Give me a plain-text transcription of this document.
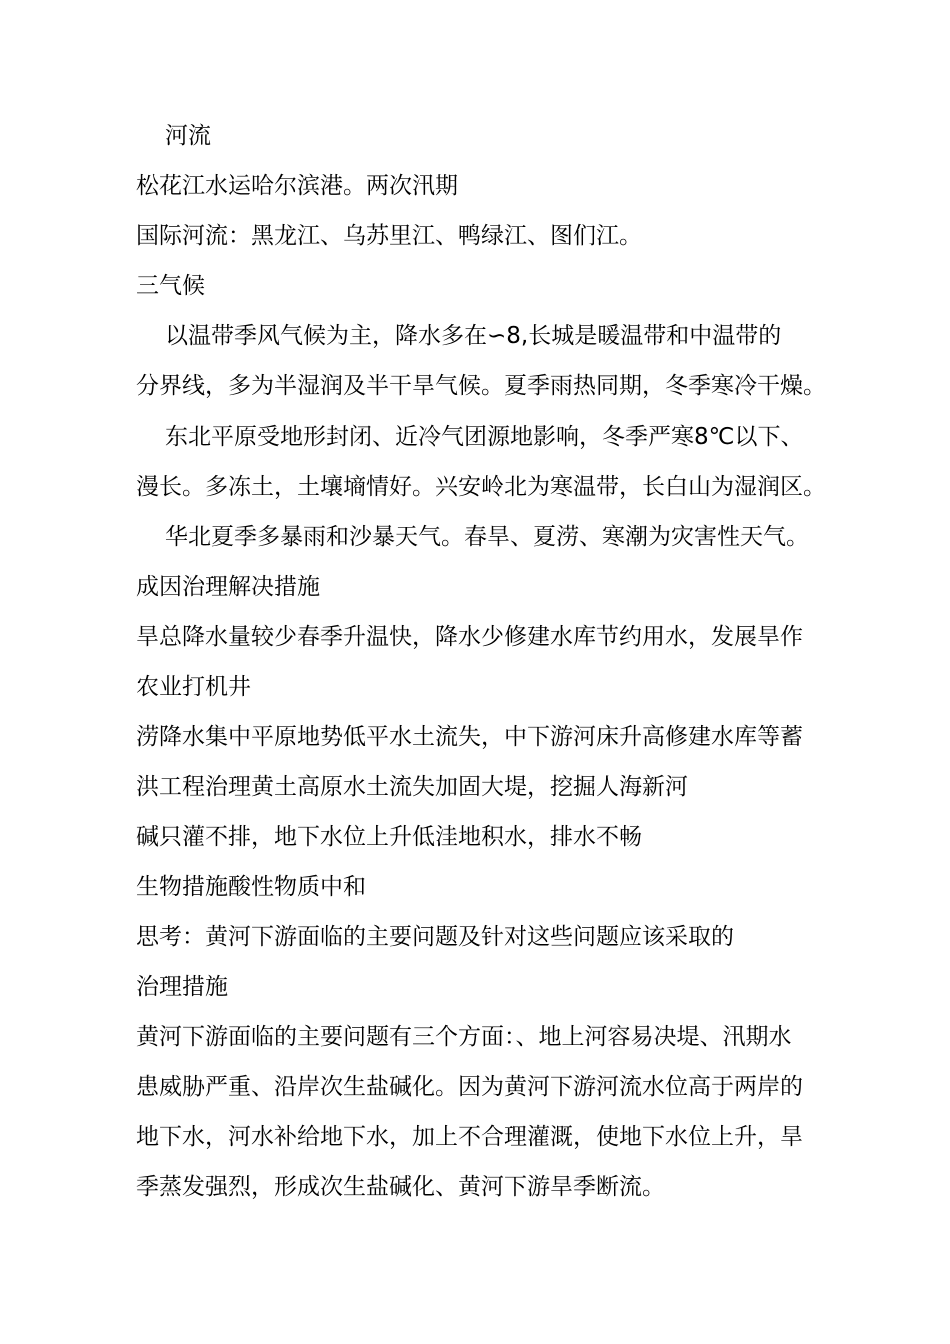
河流
松花江水运哈尔滨港。两次汛期
国际河流：黑龙江、乌苏里江、鸭绿江、图们江。
三气候
以温带季风气候为主，降水多在∽8,长城是暖温带和中温带的
分界线，多为半湿润及半干旱气候。夏季雨热同期，冬季寒冷干燥。
东北平原受地形封闭、近冷气团源地影响，冬季严寒8℃以下、
漫长。多冻土，土壤墒情好。兴安岭北为寒温带，长白山为湿润区。
华北夏季多暴雨和沙暴天气。春旱、夏涝、寒潮为灾害性天气。
成因治理解决措施
旱总降水量较少春季升温快，降水少修建水库节约用水，发展旱作
农业打机井
涝降水集中平原地势低平水土流失，中下游河床升高修建水库等蓄
洪工程治理黄土高原水土流失加固大堤，挖掘人海新河
碱只灌不排，地下水位上升低洼地积水，排水不畅
生物措施酸性物质中和
思考：黄河下游面临的主要问题及针对这些问题应该采取的
治理措施
黄河下游面临的主要问题有三个方面：、地上河容易决堤、汛期水
患威胁严重、沿岸次生盐碱化。因为黄河下游河流水位高于两岸的
地下水，河水补给地下水，加上不合理灌溉，使地下水位上升，旱
季蒸发强烈，形成次生盐碱化、黄河下游旱季断流。
